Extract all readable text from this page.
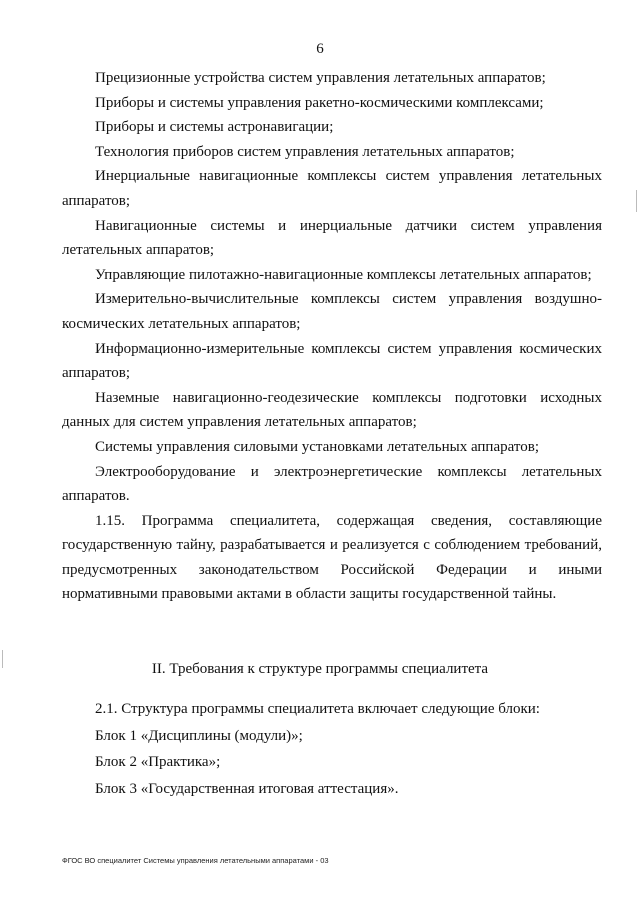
6

Прецизионные устройства систем управления летательных аппаратов;

Приборы и системы управления ракетно-космическими комплексами;

Приборы и системы астронавигации;

Технология приборов систем управления летательных аппаратов;

Инерциальные навигационные комплексы систем управления летательных аппаратов;

Навигационные системы и инерциальные датчики систем управления летательных аппаратов;

Управляющие пилотажно-навигационные комплексы летательных аппаратов;

Измерительно-вычислительные комплексы систем управления воздушно-космических летательных аппаратов;

Информационно-измерительные комплексы систем управления космических аппаратов;

Наземные навигационно-геодезические комплексы подготовки исходных данных для систем управления летательных аппаратов;

Системы управления силовыми установками летательных аппаратов;

Электрооборудование и электроэнергетические комплексы летательных аппаратов.

1.15. Программа специалитета, содержащая сведения, составляющие государственную тайну, разрабатывается и реализуется с соблюдением требований, предусмотренных законодательством Российской Федерации и иными нормативными правовыми актами в области защиты государственной тайны.

II. Требования к структуре программы специалитета

2.1. Структура программы специалитета включает следующие блоки:

Блок 1 «Дисциплины (модули)»;

Блок 2 «Практика»;

Блок 3 «Государственная итоговая аттестация».

ФГОС ВО специалитет Системы управления летательными аппаратами - 03
